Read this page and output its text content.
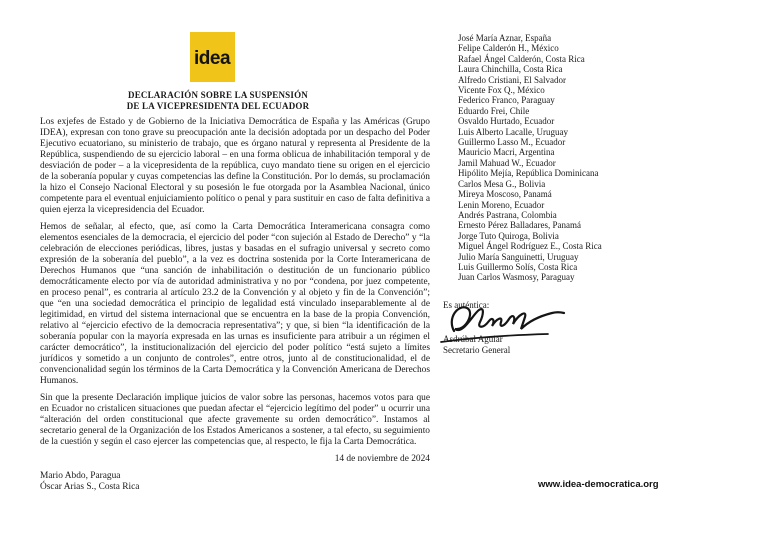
idea
DECLARACIÓN SOBRE LA SUSPENSIÓN
DE LA VICEPRESIDENTA DEL ECUADOR

Los exjefes de Estado y de Gobierno de la Iniciativa Democrática de España y las Américas (Grupo IDEA), expresan con tono grave su preocupación ante la decisión adoptada por un despacho del Poder Ejecutivo ecuatoriano, su ministerio de trabajo, que es órgano natural y representa al Presidente de la República, suspendiendo de su ejercicio laboral – en una forma oblicua de inhabilitación temporal y de desviación de poder – a la vicepresidenta de la república, cuyo mandato tiene su origen en el ejercicio de la soberanía popular y cuyas competencias las define la Constitución. Por lo demás, su proclamación la hizo el Consejo Nacional Electoral y su posesión le fue otorgada por la Asamblea Nacional, único competente para el eventual enjuiciamiento político o penal y para sustituir en caso de falta definitiva a quien ejerza la vicepresidencia del Ecuador.

Hemos de señalar, al efecto, que, así como la Carta Democrática Interamericana consagra como elementos esenciales de la democracia, el ejercicio del poder “con sujeción al Estado de Derecho” y “la celebración de elecciones periódicas, libres, justas y basadas en el sufragio universal y secreto como expresión de la soberanía del pueblo”, a la vez es doctrina sostenida por la Corte Interamericana de Derechos Humanos que “una sanción de inhabilitación o destitución de un funcionario público democráticamente electo por vía de autoridad administrativa y no por “condena, por juez competente, en proceso penal”, es contraria al artículo 23.2 de la Convención y al objeto y fin de la Convención”; que “en una sociedad democrática el principio de legalidad está vinculado inseparablemente al de legitimidad, en virtud del sistema internacional que se encuentra en la base de la propia Convención, relativo al “ejercicio efectivo de la democracia representativa”; y que, si bien “la identificación de la soberanía popular con la mayoría expresada en las urnas es insuficiente para atribuir a un régimen el carácter democrático”, la institucionalización del ejercicio del poder político “está sujeto a límites jurídicos y sometido a un conjunto de controles”, entre otros, junto al de constitucionalidad, el de convencionalidad según los términos de la Carta Democrática y la Convención Americana de Derechos Humanos.

Sin que la presente Declaración implique juicios de valor sobre las personas, hacemos votos para que en Ecuador no cristalicen situaciones que puedan afectar el “ejercicio legítimo del poder” u ocurrir una “alteración del orden constitucional que afecte gravemente su orden democrático”. Instamos al secretario general de la Organización de los Estados Americanos a sostener, a tal efecto, su seguimiento de la cuestión y según el caso ejercer las competencias que, al respecto, le fija la Carta Democrática.

14 de noviembre de 2024
Mario Abdo, Paragua
Óscar Arias S., Costa Rica
José María Aznar, España
Felipe Calderón H., México
Rafael Ángel Calderón, Costa Rica
Laura Chinchilla, Costa Rica
Alfredo Cristiani, El Salvador
Vicente Fox Q., México
Federico Franco, Paraguay
Eduardo Frei, Chile
Osvaldo Hurtado, Ecuador
Luis Alberto Lacalle, Uruguay
Guillermo Lasso M., Ecuador
Mauricio Macri, Argentina
Jamil Mahuad W., Ecuador
Hipólito Mejía, República Dominicana
Carlos Mesa G., Bolivia
Mireya Moscoso, Panamá
Lenin Moreno, Ecuador
Andrés Pastrana, Colombia
Ernesto Pérez Balladares, Panamá
Jorge Tuto Quiroga, Bolivia
Miguel Ángel Rodríguez E., Costa Rica
Julio María Sanguinetti, Uruguay
Luis Guillermo Solís, Costa Rica
Juan Carlos Wasmosy, Paraguay
Es auténtica:
Asdrúbal Aguiar
Secretario General
www.idea-democratica.org
